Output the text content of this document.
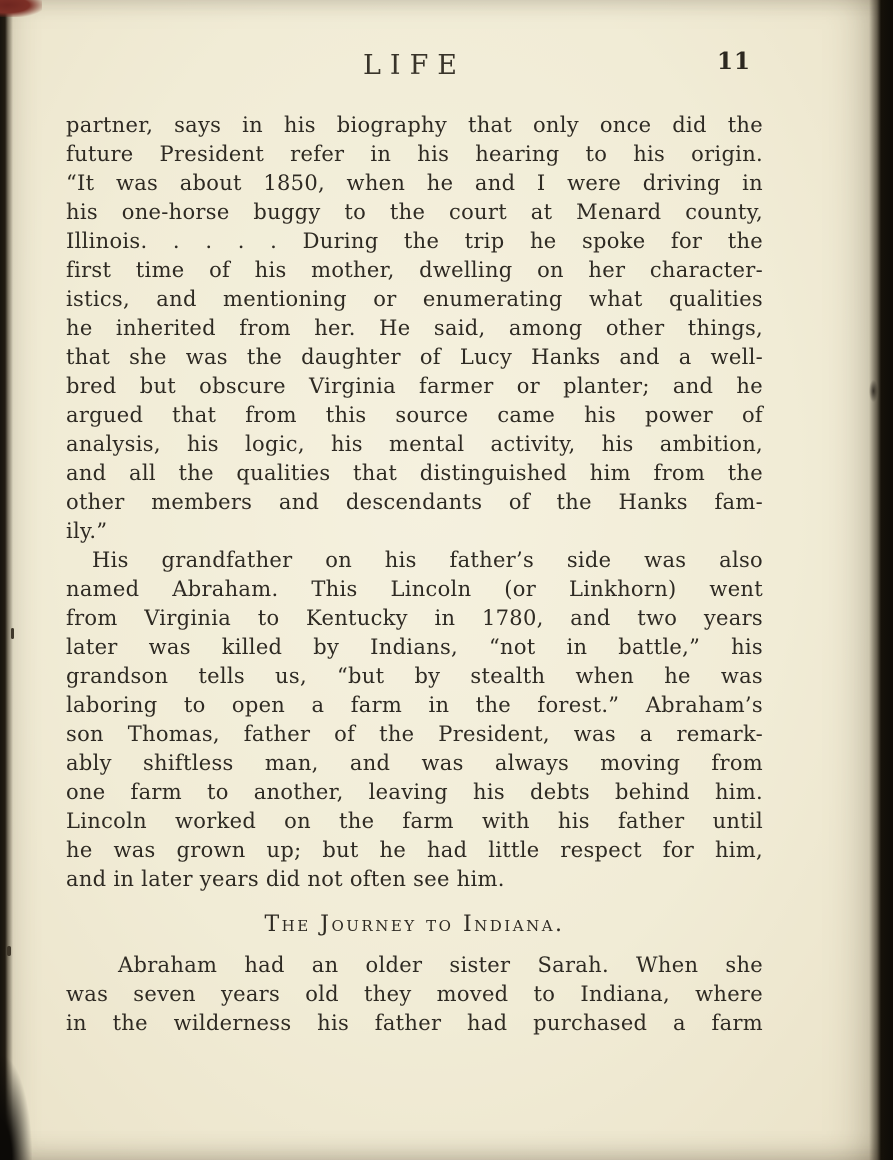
LIFE	11
partner, says in his biography that only once did the
future President refer in his hearing to his origin.
“It was about 1850, when he and I were driving in
his one-horse buggy to the court at Menard county,
Illinois. . . . . During the trip he spoke for the
first time of his mother, dwelling on her character-
istics, and mentioning or enumerating what qualities
he inherited from her. He said, among other things,
that she was the daughter of Lucy Hanks and a well-
bred but obscure Virginia farmer or planter; and he
argued that from this source came his power of
analysis, his logic, his mental activity, his ambition,
and all the qualities that distinguished him from the
other members and descendants of the Hanks fam-
ily.”
His grandfather on his father’s side was also
named Abraham. This Lincoln (or Linkhorn) went
from Virginia to Kentucky in 1780, and two years
later was killed by Indians, “not in battle,” his
grandson tells us, “but by stealth when he was
laboring to open a farm in the forest.” Abraham’s
son Thomas, father of the President, was a remark-
ably shiftless man, and was always moving from
one farm to another, leaving his debts behind him.
Lincoln worked on the farm with his father until
he was grown up; but he had little respect for him,
and in later years did not often see him.
The Journey to Indiana.
Abraham had an older sister Sarah. When she
was seven years old they moved to Indiana, where
in the wilderness his father had purchased a farm
